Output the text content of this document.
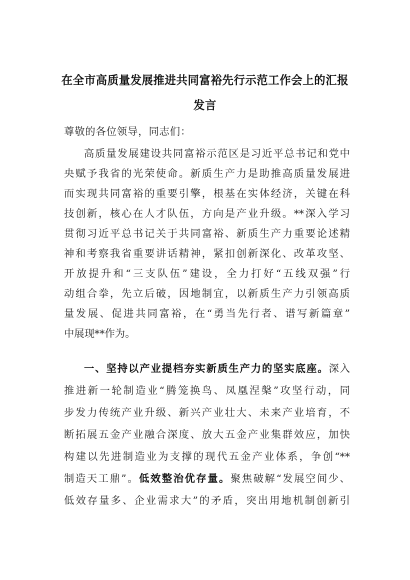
在全市高质量发展推进共同富裕先行示范工作会上的汇报
发言
尊敬的各位领导，同志们：
高质量发展建设共同富裕示范区是习近平总书记和党中
央赋予我省的光荣使命。新质生产力是助推高质量发展进
而实现共同富裕的重要引擎，根基在实体经济，关键在科
技创新，核心在人才队伍，方向是产业升级。**深入学习
贯彻习近平总书记关于共同富裕、新质生产力重要论述精
神和考察我省重要讲话精神，紧扣创新深化、改革攻坚、
开放提升和“三支队伍”建设，全力打好“五线双强”行
动组合拳，先立后破，因地制宜，以新质生产力引领高质
量发展、促进共同富裕，在“勇当先行者、谱写新篇章”
中展现**作为。
一、坚持以产业提档夯实新质生产力的坚实底座。深入
推进新一轮制造业“腾笼换鸟、凤凰涅槃”攻坚行动，同
步发力传统产业升级、新兴产业壮大、未来产业培育，不
断拓展五金产业融合深度、放大五金产业集群效应，加快
构建以先进制造业为支撑的现代五金产业体系，争创“**
制造天工鼎”。低效整治优存量。聚焦破解“发展空间少、
低效存量多、企业需求大”的矛盾，突出用地机制创新引
